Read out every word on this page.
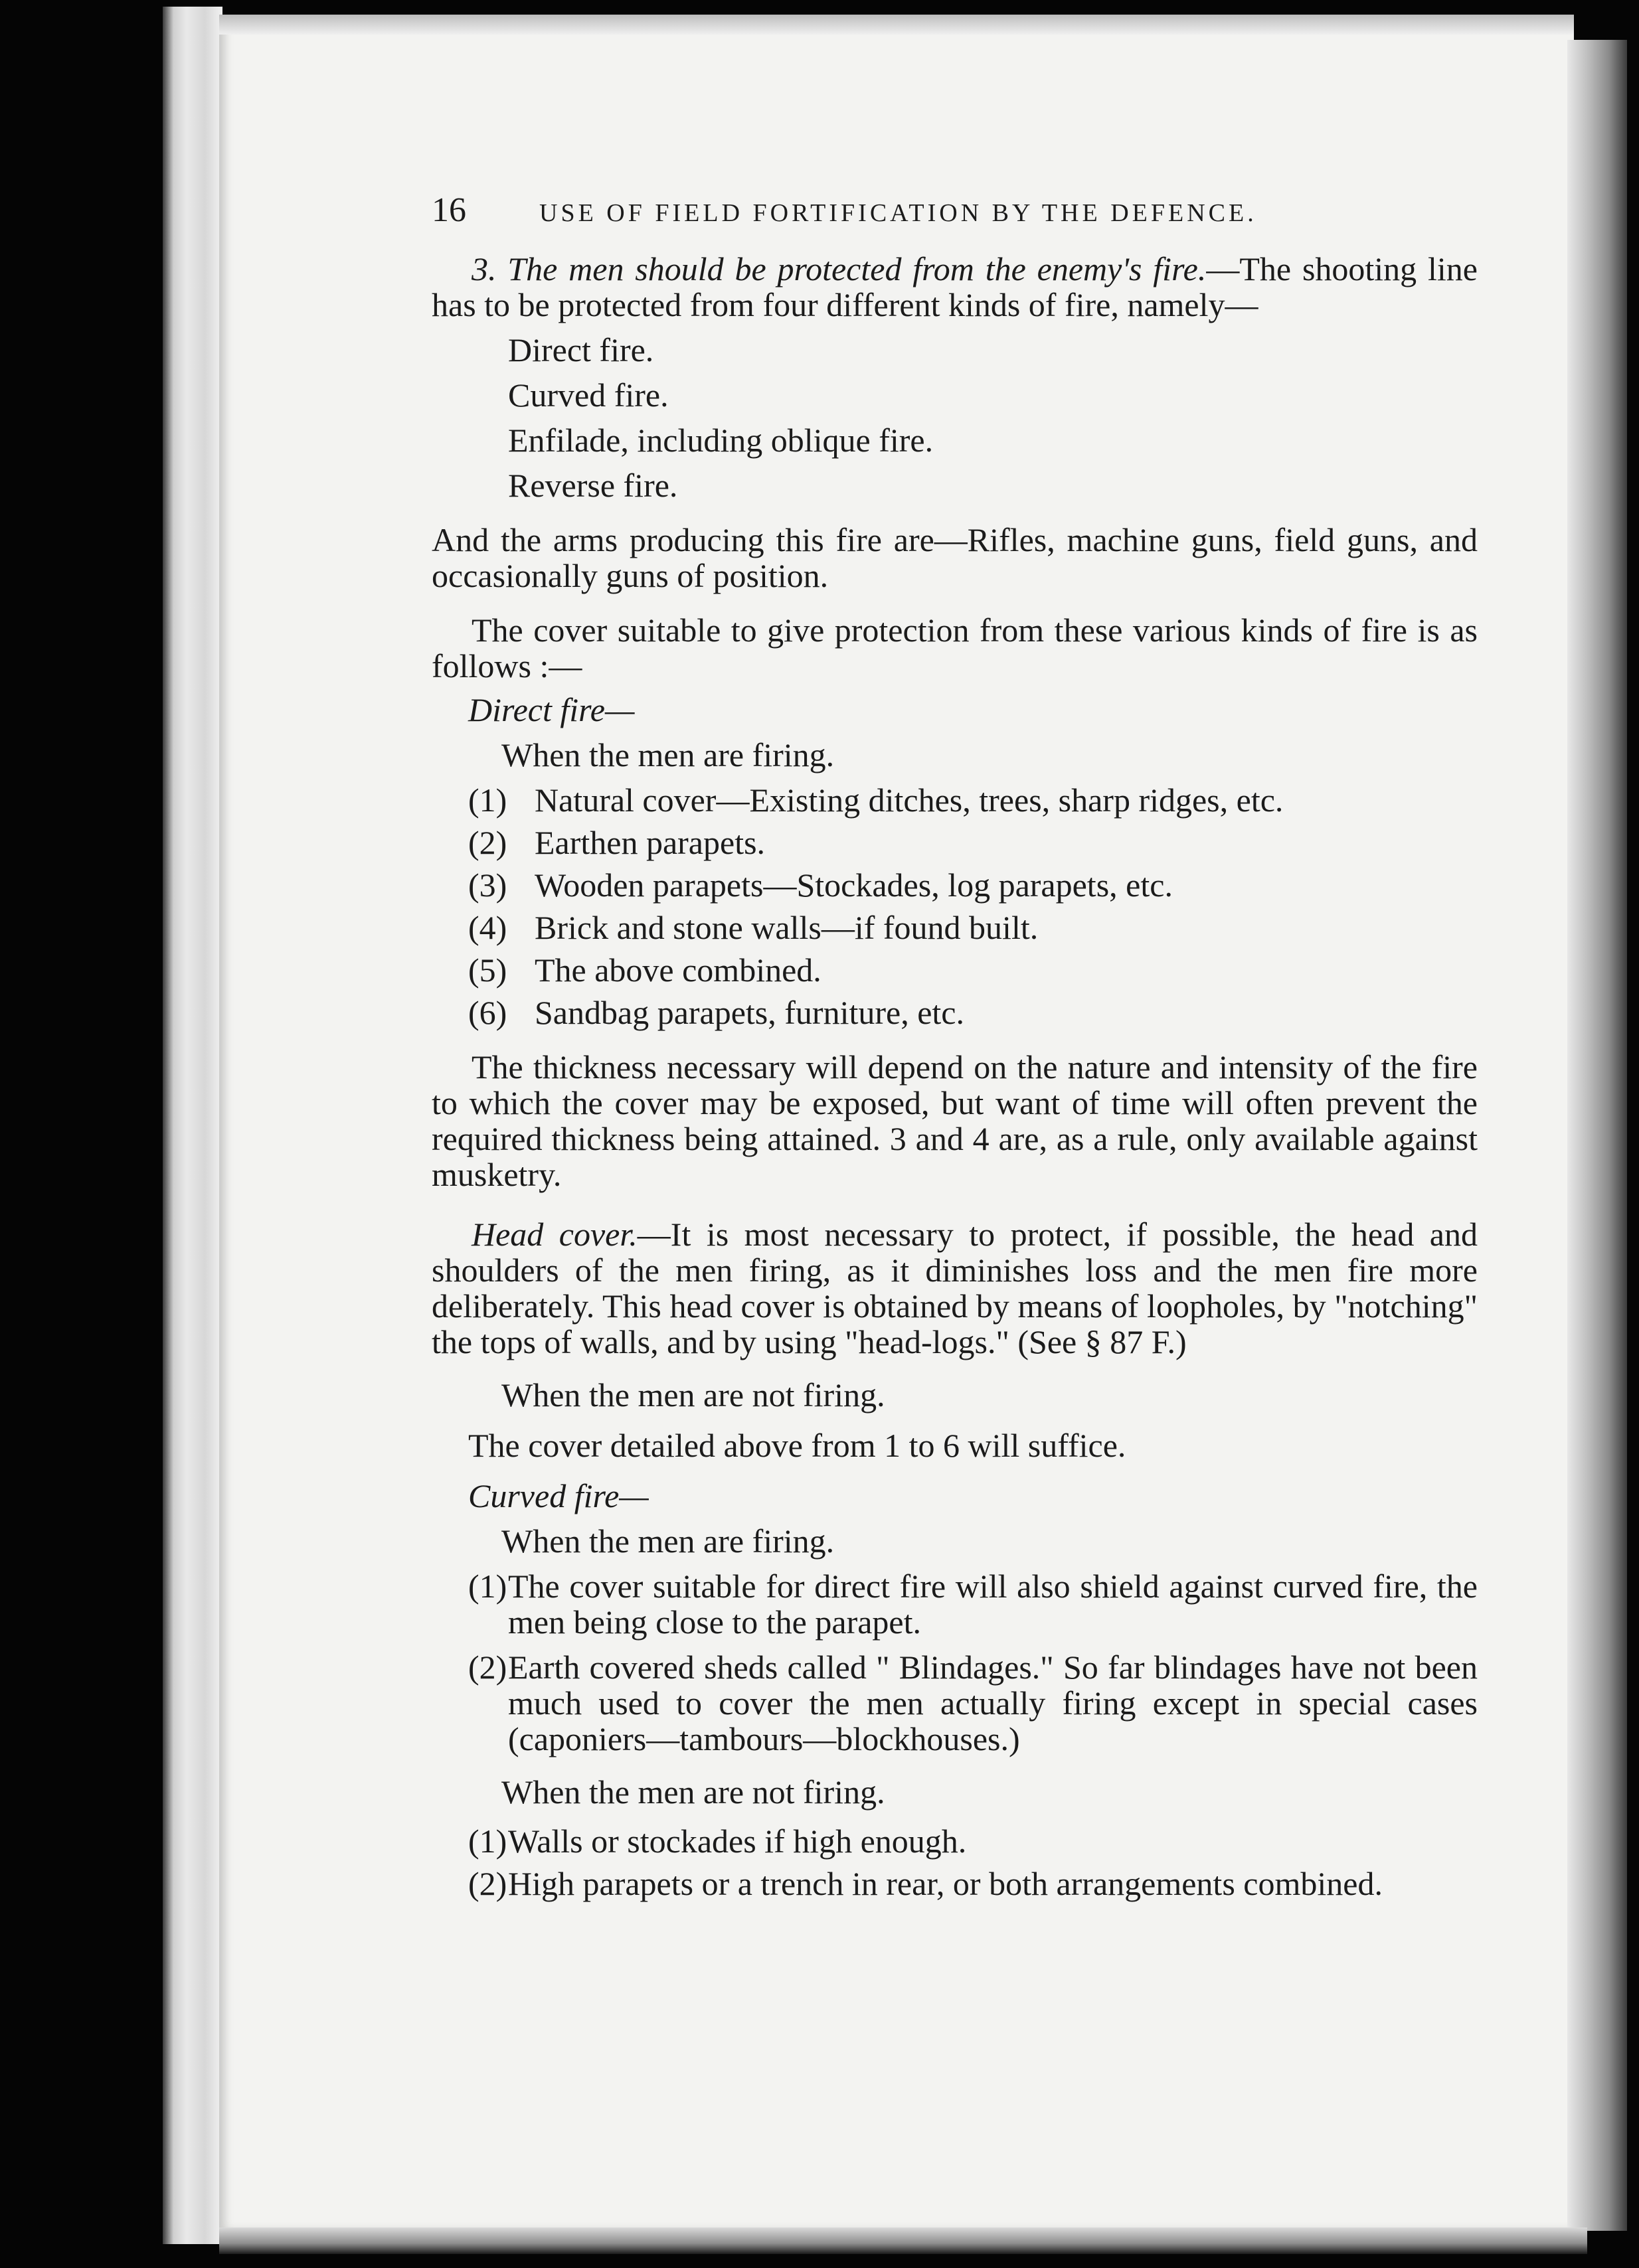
16	USE OF FIELD FORTIFICATION BY THE DEFENCE.

3. The men should be protected from the enemy's fire.—The shooting line has to be protected from four different kinds of fire, namely—

Direct fire.

Curved fire.

Enfilade, including oblique fire.

Reverse fire.

And the arms producing this fire are—Rifles, machine guns, field guns, and occasionally guns of position.

The cover suitable to give protection from these various kinds of fire is as follows :—

Direct fire—

When the men are firing.

(1) Natural cover—Existing ditches, trees, sharp ridges, etc.
(2) Earthen parapets.
(3) Wooden parapets—Stockades, log parapets, etc.
(4) Brick and stone walls—if found built.
(5) The above combined.
(6) Sandbag parapets, furniture, etc.

The thickness necessary will depend on the nature and intensity of the fire to which the cover may be exposed, but want of time will often prevent the required thickness being attained. 3 and 4 are, as a rule, only available against musketry.

Head cover.—It is most necessary to protect, if possible, the head and shoulders of the men firing, as it diminishes loss and the men fire more deliberately. This head cover is obtained by means of loopholes, by "notching" the tops of walls, and by using "head-logs." (See § 87 F.)

When the men are not firing.

The cover detailed above from 1 to 6 will suffice.

Curved fire—

When the men are firing.

(1) The cover suitable for direct fire will also shield against curved fire, the men being close to the parapet.
(2) Earth covered sheds called " Blindages." So far blindages have not been much used to cover the men actually firing except in special cases (caponiers—tambours—blockhouses.)

When the men are not firing.

(1) Walls or stockades if high enough.
(2) High parapets or a trench in rear, or both arrangements combined.
